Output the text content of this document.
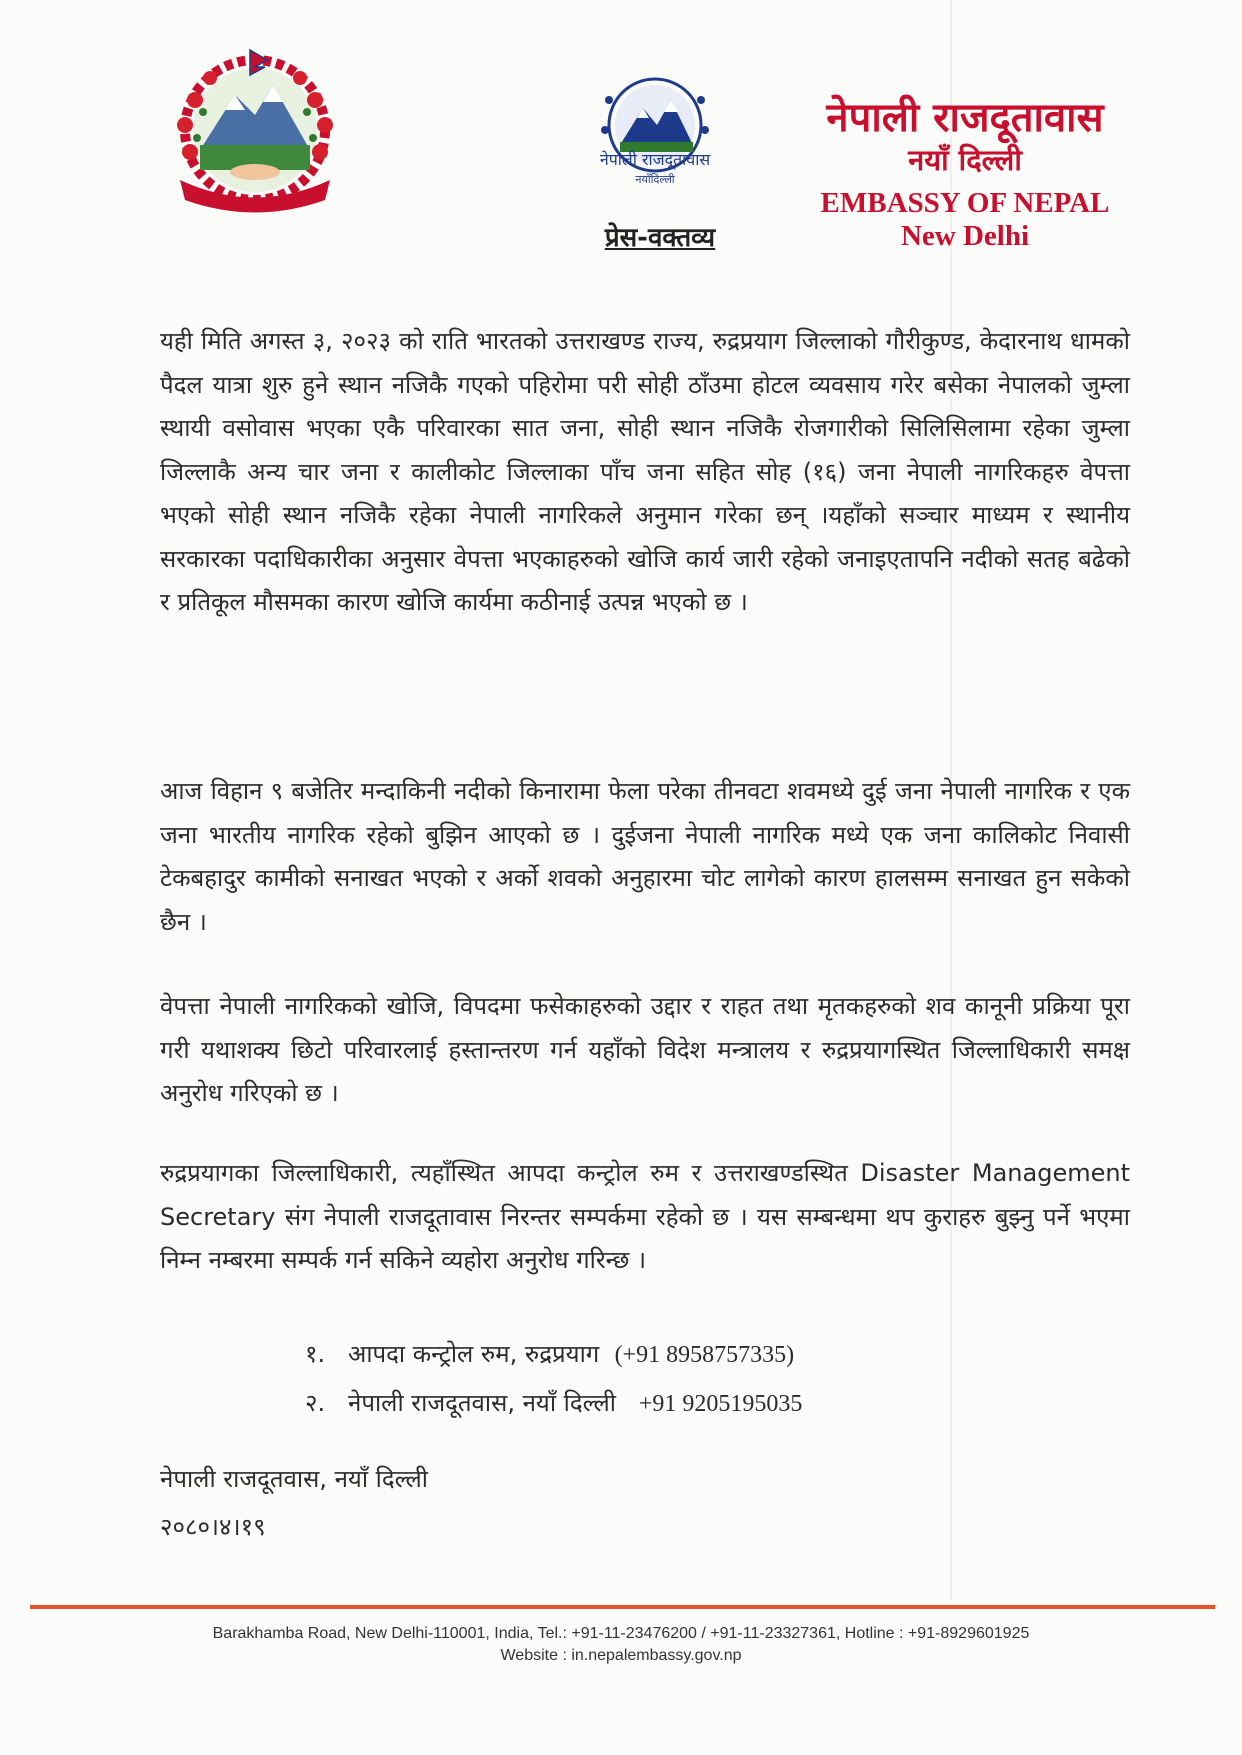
नेपाली राजदूतावास
नयाँदिल्ली
प्रेस-वक्तव्य
नेपाली राजदूतावास
नयाँ दिल्ली
EMBASSY OF NEPAL
New Delhi
यही मिति अगस्त ३, २०२३ को राति भारतको उत्तराखण्ड राज्य, रुद्रप्रयाग जिल्लाको गौरीकुण्ड, केदारनाथ धामको पैदल यात्रा शुरु हुने स्थान नजिकै गएको पहिरोमा परी सोही ठाँउमा होटल व्यवसाय गरेर बसेका नेपालको जुम्ला स्थायी वसोवास भएका एकै परिवारका सात जना, सोही स्थान नजिकै रोजगारीको सिलिसिलामा रहेका जुम्ला जिल्लाकै अन्य चार जना र कालीकोट जिल्लाका पाँच जना सहित सोह (१६) जना नेपाली नागरिकहरु वेपत्ता भएको सोही स्थान नजिकै रहेका नेपाली नागरिकले अनुमान गरेका छन् ।यहाँको सञ्चार माध्यम र स्थानीय सरकारका पदाधिकारीका अनुसार वेपत्ता भएकाहरुको खोजि कार्य जारी रहेको जनाइएतापनि नदीको सतह बढेको र प्रतिकूल मौसमका कारण खोजि कार्यमा कठीनाई उत्पन्न भएको छ ।
आज विहान ९ बजेतिर मन्दाकिनी नदीको किनारामा फेला परेका तीनवटा शवमध्ये दुई जना नेपाली नागरिक र एक जना भारतीय नागरिक रहेको बुझिन आएको छ । दुईजना नेपाली नागरिक मध्ये एक जना कालिकोट निवासी टेकबहादुर कामीको सनाखत भएको र अर्को शवको अनुहारमा चोट लागेको कारण हालसम्म सनाखत हुन सकेको छैन ।
वेपत्ता नेपाली नागरिकको खोजि, विपदमा फसेकाहरुको उद्दार र राहत तथा मृतकहरुको शव कानूनी प्रक्रिया पूरा गरी यथाशक्य छिटो परिवारलाई हस्तान्तरण गर्न यहाँको विदेश मन्त्रालय र रुद्रप्रयागस्थित जिल्लाधिकारी समक्ष अनुरोध गरिएको छ ।
रुद्रप्रयागका जिल्लाधिकारी, त्यहाँस्थित आपदा कन्ट्रोल रुम र उत्तराखण्डस्थित Disaster Management Secretary संग नेपाली राजदूतावास निरन्तर सम्पर्कमा रहेको छ । यस सम्बन्धमा थप कुराहरु बुझ्नु पर्ने भएमा निम्न नम्बरमा सम्पर्क गर्न सकिने व्यहोरा अनुरोध गरिन्छ ।
१. आपदा कन्ट्रोल रुम, रुद्रप्रयाग (+91 8958757335)
२. नेपाली राजदूतवास, नयाँ दिल्ली +91 9205195035
नेपाली राजदूतवास, नयाँ दिल्ली
२०८०।४।१९
Barakhamba Road, New Delhi-110001, India, Tel.: +91-11-23476200 / +91-11-23327361, Hotline : +91-8929601925
Website : in.nepalembassy.gov.np
